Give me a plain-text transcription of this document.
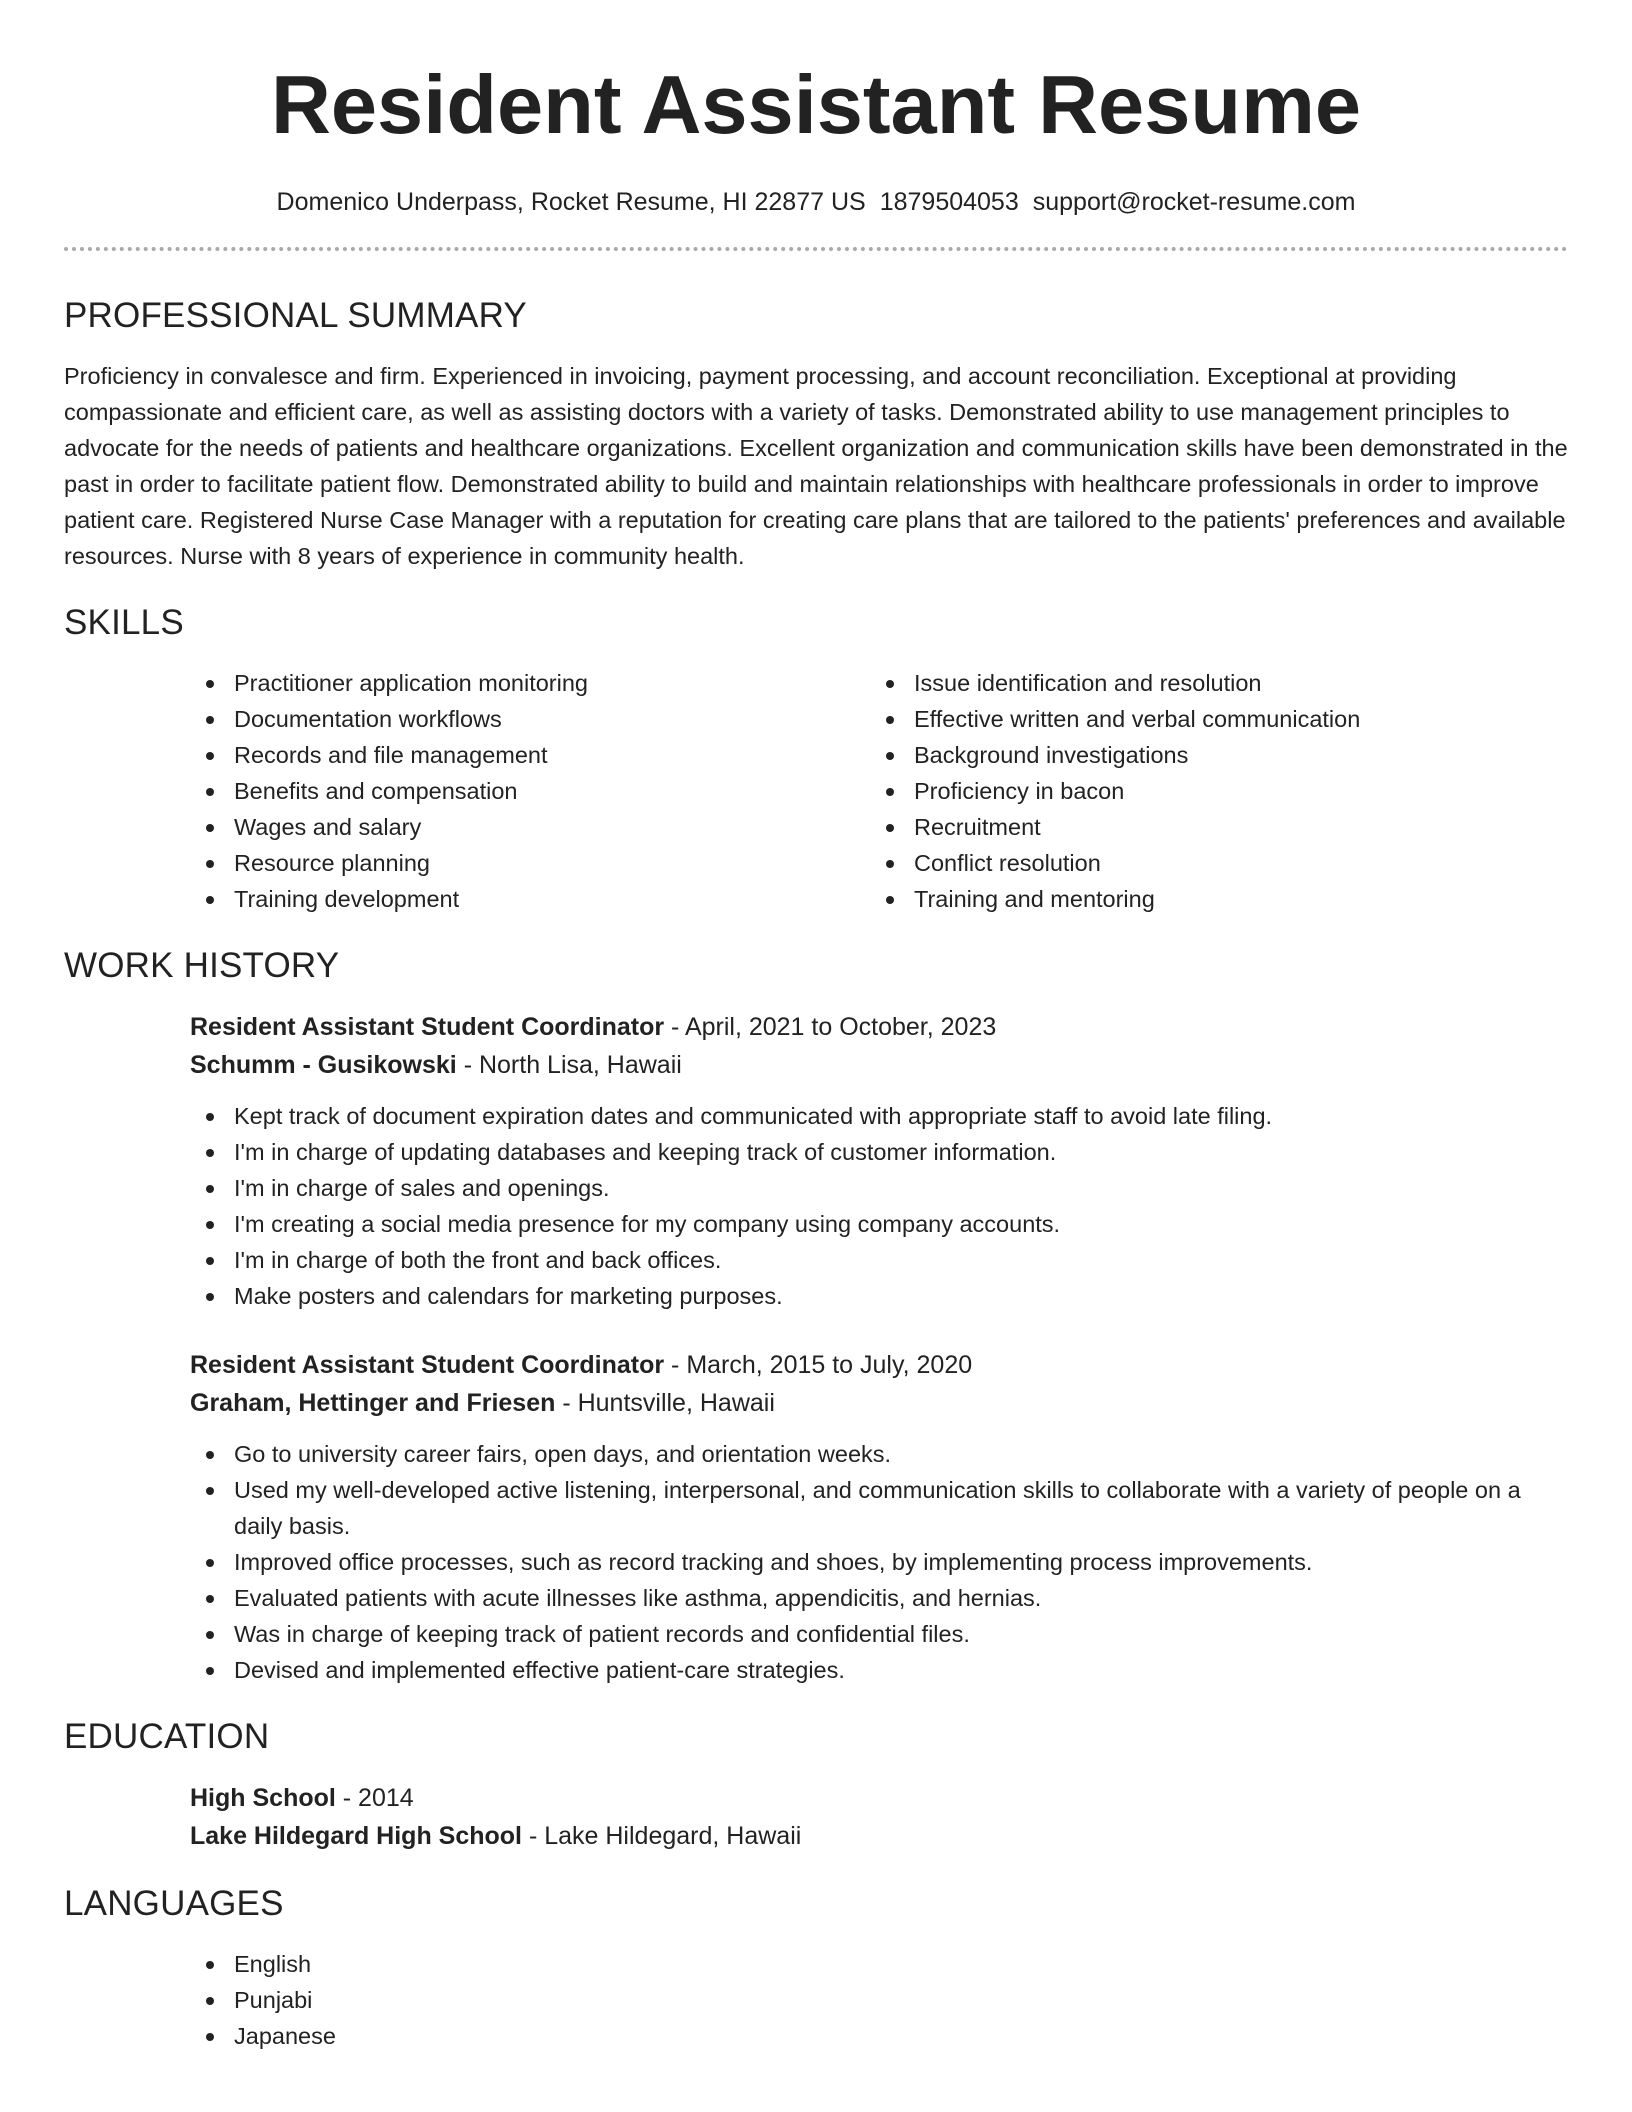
Resident Assistant Resume
Domenico Underpass, Rocket Resume, HI 22877 US 1879504053 support@rocket-resume.com
PROFESSIONAL SUMMARY

Proficiency in convalesce and firm. Experienced in invoicing, payment processing, and account reconciliation. Exceptional at providing compassionate and efficient care, as well as assisting doctors with a variety of tasks. Demonstrated ability to use management principles to advocate for the needs of patients and healthcare organizations. Excellent organization and communication skills have been demonstrated in the past in order to facilitate patient flow. Demonstrated ability to build and maintain relationships with healthcare professionals in order to improve patient care. Registered Nurse Case Manager with a reputation for creating care plans that are tailored to the patients' preferences and available resources. Nurse with 8 years of experience in community health.

SKILLS
Practitioner application monitoring
Documentation workflows
Records and file management
Benefits and compensation
Wages and salary
Resource planning
Training development
Issue identification and resolution
Effective written and verbal communication
Background investigations
Proficiency in bacon
Recruitment
Conflict resolution
Training and mentoring
WORK HISTORY
Resident Assistant Student Coordinator - April, 2021 to October, 2023
Schumm - Gusikowski - North Lisa, Hawaii
Kept track of document expiration dates and communicated with appropriate staff to avoid late filing.
I'm in charge of updating databases and keeping track of customer information.
I'm in charge of sales and openings.
I'm creating a social media presence for my company using company accounts.
I'm in charge of both the front and back offices.
Make posters and calendars for marketing purposes.
Resident Assistant Student Coordinator - March, 2015 to July, 2020
Graham, Hettinger and Friesen - Huntsville, Hawaii
Go to university career fairs, open days, and orientation weeks.
Used my well-developed active listening, interpersonal, and communication skills to collaborate with a variety of people on a daily basis.
Improved office processes, such as record tracking and shoes, by implementing process improvements.
Evaluated patients with acute illnesses like asthma, appendicitis, and hernias.
Was in charge of keeping track of patient records and confidential files.
Devised and implemented effective patient-care strategies.
EDUCATION
High School - 2014
Lake Hildegard High School - Lake Hildegard, Hawaii
LANGUAGES
English
Punjabi
Japanese
